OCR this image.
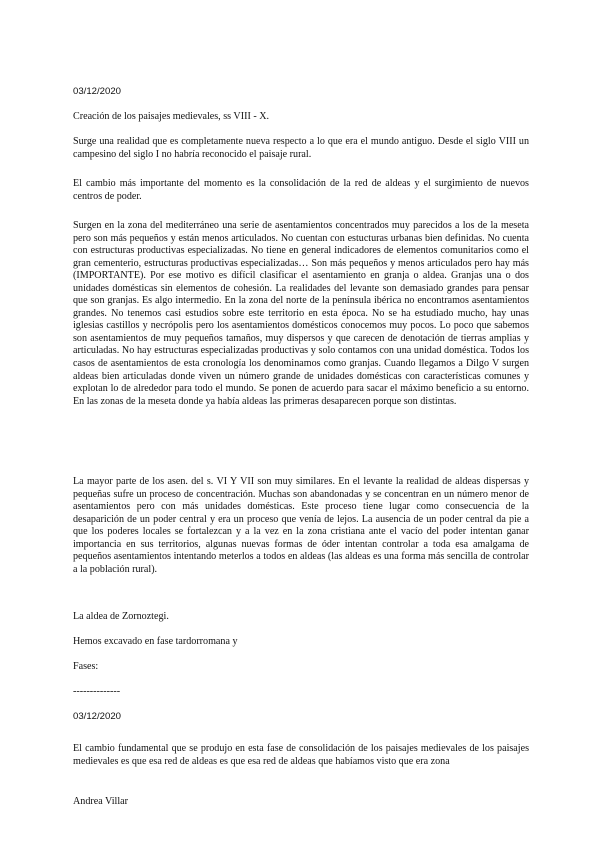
03/12/2020

Creación de los paisajes medievales, ss VIII - X.

Surge una realidad que es completamente nueva respecto a lo que era el mundo antiguo. Desde el siglo VIII un campesino del siglo I no habría reconocido el paisaje rural.

El cambio más importante del momento es la consolidación de la red de aldeas y el surgimiento de nuevos centros de poder.

Surgen en la zona del mediterráneo una serie de asentamientos concentrados muy parecidos a los de la meseta pero son más pequeños y están menos articulados. No cuentan con estucturas urbanas bien definidas. No cuenta con estructuras productivas especializadas. No tiene en general indicadores de elementos comunitarios como el gran cementerio, estructuras productivas especializadas… Son más pequeños y menos articulados pero hay más (IMPORTANTE). Por ese motivo es difícil clasificar el asentamiento en granja o aldea. Granjas una o dos unidades domésticas sin elementos de cohesión. La realidades del levante son demasiado grandes para pensar que son granjas. Es algo intermedio. En la zona del norte de la península ibérica no encontramos asentamientos grandes. No tenemos casi estudios sobre este territorio en esta época. No se ha estudiado mucho, hay unas iglesias castillos y necrópolis pero los asentamientos domésticos conocemos muy pocos. Lo poco que sabemos son asentamientos de muy pequeños tamaños, muy dispersos y que carecen de denotación de tierras amplias y articuladas. No hay estructuras especializadas productivas y solo contamos con una unidad doméstica. Todos los casos de asentamientos de esta cronología los denominamos como granjas. Cuando llegamos a Dilgo V surgen aldeas bien articuladas donde viven un número grande de unidades domésticas con características comunes y explotan lo de alrededor para todo el mundo. Se ponen de acuerdo para sacar el máximo beneficio a su entorno. En las zonas de la meseta donde ya había aldeas las primeras desaparecen porque son distintas.

La mayor parte de los asen. del s. VI Y VII son muy similares. En el levante la realidad de aldeas dispersas y pequeñas sufre un proceso de concentración. Muchas son abandonadas y se concentran en un número menor de asentamientos pero con más unidades domésticas. Este proceso tiene lugar como consecuencia de la desaparición de un poder central y era un proceso que venía de lejos. La ausencia de un poder central da pie a que los poderes locales se fortalezcan y a la vez en la zona cristiana ante el vacío del poder intentan ganar importancia en sus territorios, algunas nuevas formas de óder intentan controlar a toda esa amalgama de pequeños asentamientos intentando meterlos a todos en aldeas (las aldeas es una forma más sencilla de controlar a la población rural).

La aldea de Zornoztegi.

Hemos excavado en fase tardorromana y

Fases:

--------------

03/12/2020

El cambio fundamental que se produjo en esta fase de consolidación de los paisajes medievales de los paisajes medievales es que esa red de aldeas es que esa red de aldeas que habíamos visto que era zona

Andrea Villar
